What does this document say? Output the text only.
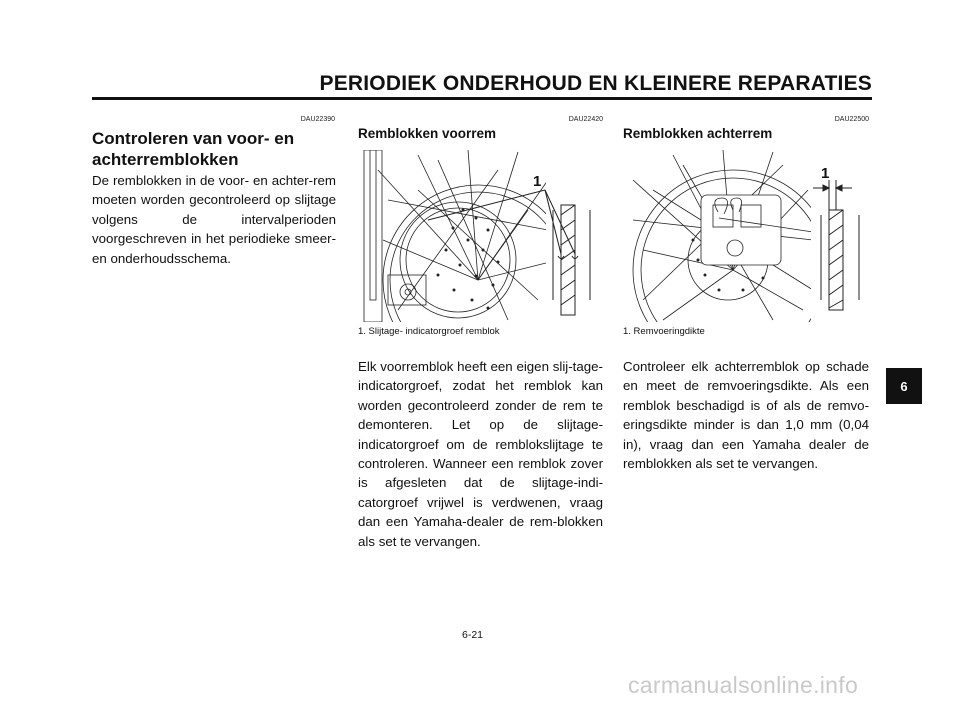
PERIODIEK ONDERHOUD EN KLEINERE REPARATIES
DAU22390
Controleren van voor- en achterremblokken

De remblokken in de voor- en achter-rem moeten worden gecontroleerd op slijtage volgens de intervalperioden voorgeschreven in het periodieke smeer- en onderhoudsschema.

DAU22420
Remblokken voorrem
1
1. Slijtage- indicatorgroef remblok

Elk voorremblok heeft een eigen slij-tage-indicatorgroef, zodat het remblok kan worden gecontroleerd zonder de rem te demonteren. Let op de slijtage-indicatorgroef om de remblokslijtage te controleren. Wanneer een remblok zover is afgesleten dat de slijtage-indi-catorgroef vrijwel is verdwenen, vraag dan een Yamaha-dealer de rem-blokken als set te vervangen.

DAU22500
Remblokken achterrem
1
1. Remvoeringdikte

Controleer elk achterremblok op schade en meet de remvoeringsdikte. Als een remblok beschadigd is of als de remvo-eringsdikte minder is dan 1,0 mm (0,04 in), vraag dan een Yamaha dealer de remblokken als set te vervangen.

6
6-21
carmanualsonline.info
